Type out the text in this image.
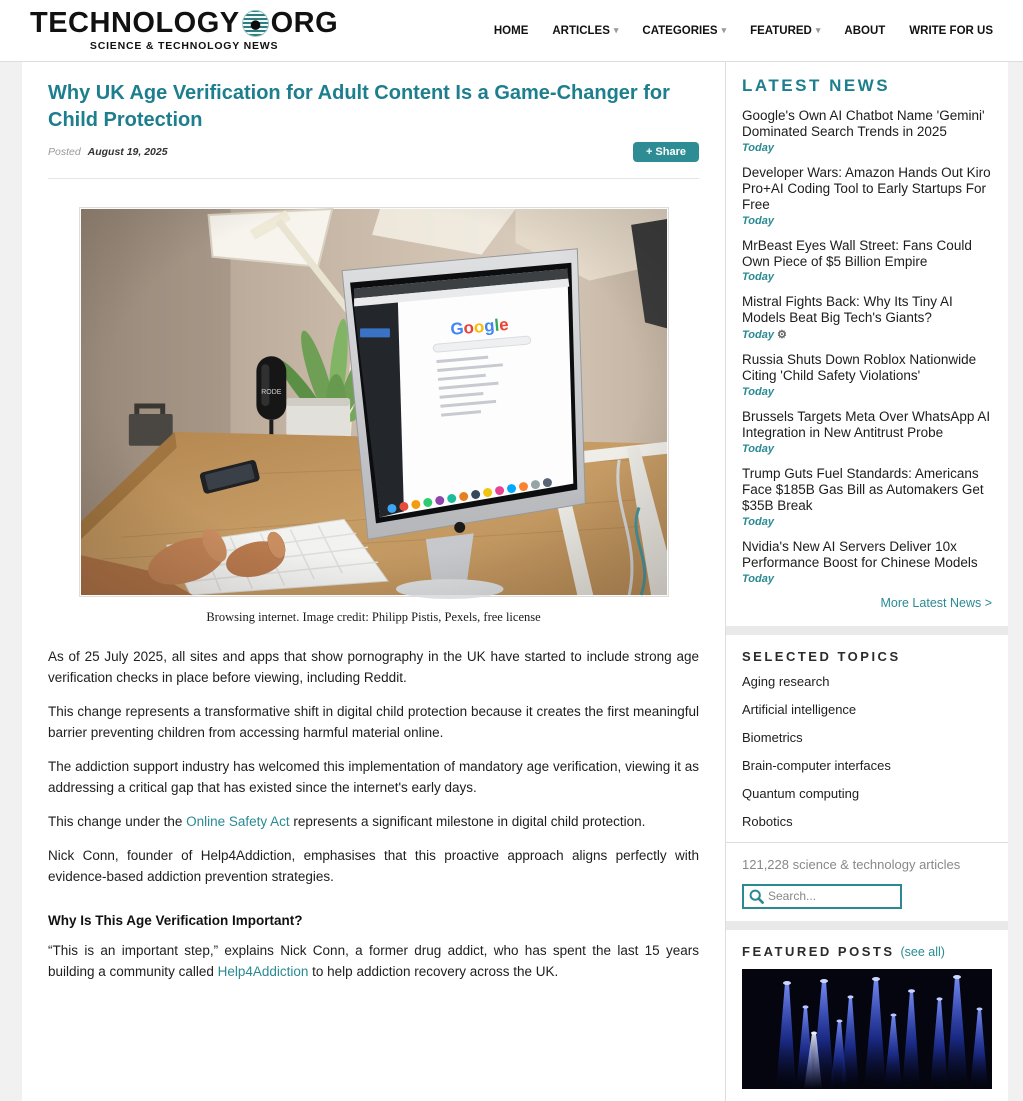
TECHNOLOGY ORG
SCIENCE & TECHNOLOGY NEWS
HOME ARTICLES ▾ CATEGORIES ▾ FEATURED ▾ ABOUT WRITE FOR US
Why UK Age Verification for Adult Content Is a Game-Changer for Child Protection
Posted August 19, 2025	+ Share
Browsing internet. Image credit: Philipp Pistis, Pexels, free license

As of 25 July 2025, all sites and apps that show pornography in the UK have started to include strong age verification checks in place before viewing, including Reddit.

This change represents a transformative shift in digital child protection because it creates the first meaningful barrier preventing children from accessing harmful material online.

The addiction support industry has welcomed this implementation of mandatory age verification, viewing it as addressing a critical gap that has existed since the internet's early days.

This change under the Online Safety Act represents a significant milestone in digital child protection.

Nick Conn, founder of Help4Addiction, emphasises that this proactive approach aligns perfectly with evidence-based addiction prevention strategies.

Why Is This Age Verification Important?

“This is an important step,” explains Nick Conn, a former drug addict, who has spent the last 15 years building a community called Help4Addiction to help addiction recovery across the UK.

LATEST NEWS
Google's Own AI Chatbot Name 'Gemini' Dominated Search Trends in 2025
Today
Developer Wars: Amazon Hands Out Kiro Pro+AI Coding Tool to Early Startups For Free
Today
MrBeast Eyes Wall Street: Fans Could Own Piece of $5 Billion Empire
Today
Mistral Fights Back: Why Its Tiny AI Models Beat Big Tech's Giants?
Today ⚙
Russia Shuts Down Roblox Nationwide Citing 'Child Safety Violations'
Today
Brussels Targets Meta Over WhatsApp AI Integration in New Antitrust Probe
Today
Trump Guts Fuel Standards: Americans Face $185B Gas Bill as Automakers Get $35B Break
Today
Nvidia's New AI Servers Deliver 10x Performance Boost for Chinese Models
Today
More Latest News >
SELECTED TOPICS
Aging research
Artificial intelligence
Biometrics
Brain-computer interfaces
Quantum computing
Robotics
121,228 science & technology articles
Search...
FEATURED POSTS (see all)
